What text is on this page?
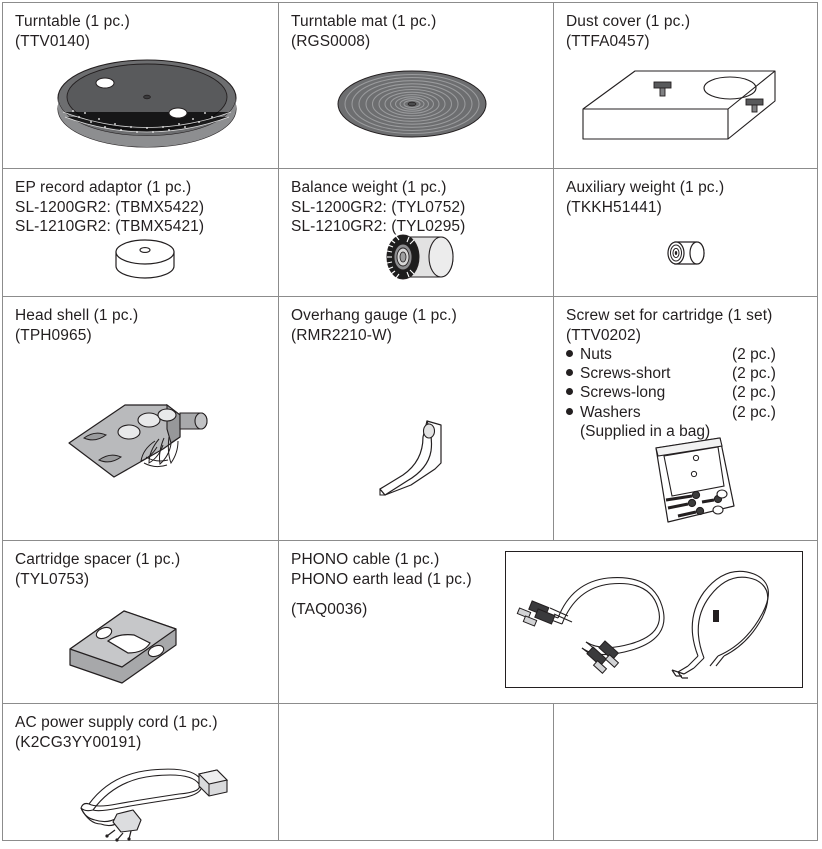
Turntable (1 pc.)
(TTV0140)

Turntable mat (1 pc.)
(RGS0008)

Dust cover (1 pc.)
(TTFA0457)

EP record adaptor (1 pc.)
SL-1200GR2: (TBMX5422)
SL-1210GR2: (TBMX5421)

Balance weight (1 pc.)
SL-1200GR2: (TYL0752)
SL-1210GR2: (TYL0295)

Auxiliary weight (1 pc.)
(TKKH51441)

Head shell (1 pc.)
(TPH0965)

Overhang gauge (1 pc.)
(RMR2210-W)

Screw set for cartridge (1 set)
(TTV0202)
Nuts	(2 pc.)
Screws-short	(2 pc.)
Screws-long	(2 pc.)
Washers	(2 pc.)
(Supplied in a bag)

Cartridge spacer (1 pc.)
(TYL0753)

PHONO cable (1 pc.)
PHONO earth lead (1 pc.)
(TAQ0036)

AC power supply cord (1 pc.)
(K2CG3YY00191)		
